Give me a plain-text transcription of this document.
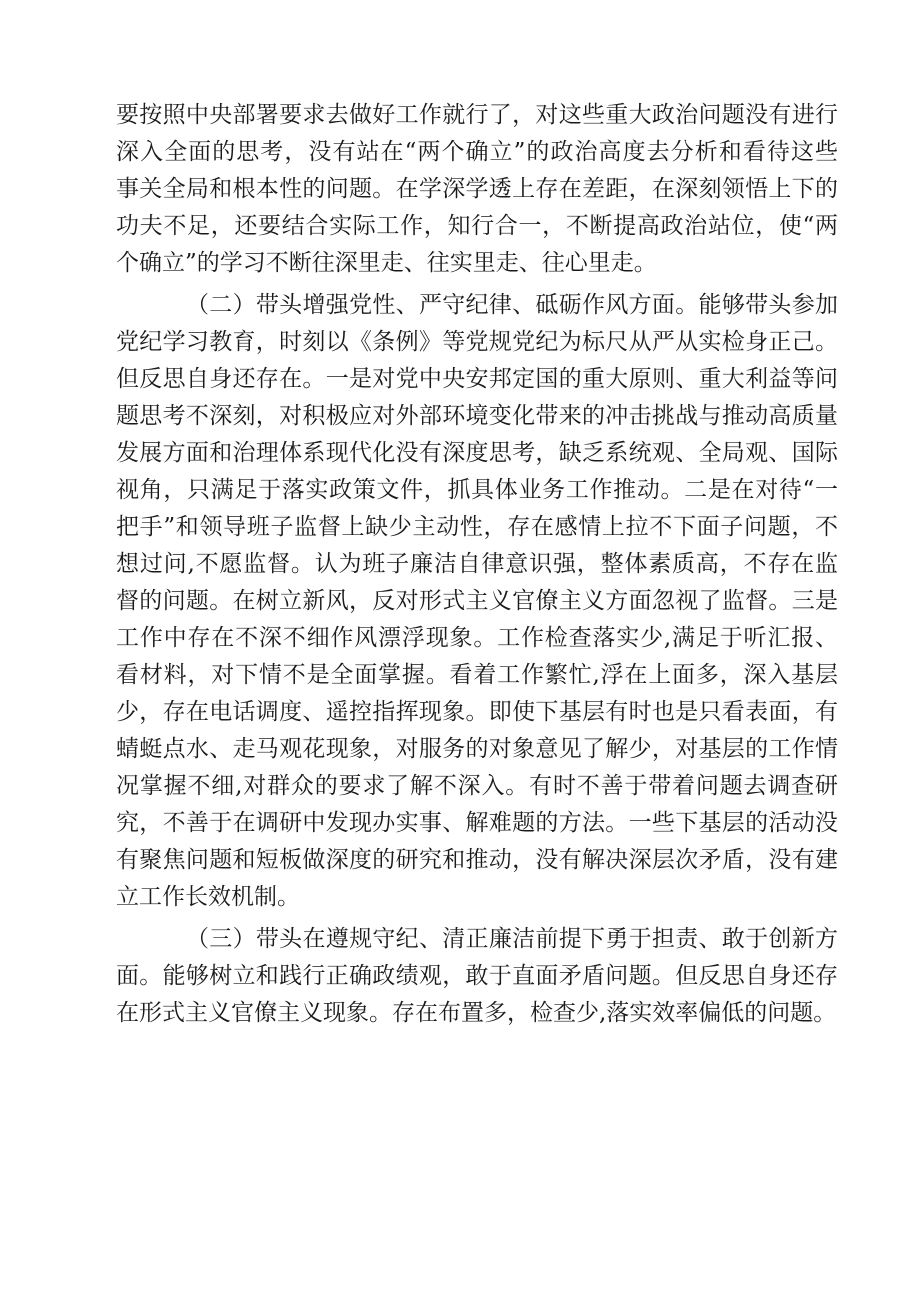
要按照中央部署要求去做好工作就行了，对这些重大政治问题没有进行
深入全面的思考，没有站在“两个确立”的政治高度去分析和看待这些
事关全局和根本性的问题。在学深学透上存在差距，在深刻领悟上下的
功夫不足，还要结合实际工作，知行合一，不断提高政治站位，使“两
个确立”的学习不断往深里走、往实里走、往心里走。
（二）带头增强党性、严守纪律、砥砺作风方面。能够带头参加
党纪学习教育，时刻以《条例》等党规党纪为标尺从严从实检身正己。
但反思自身还存在。一是对党中央安邦定国的重大原则、重大利益等问
题思考不深刻，对积极应对外部环境变化带来的冲击挑战与推动高质量
发展方面和治理体系现代化没有深度思考，缺乏系统观、全局观、国际
视角，只满足于落实政策文件，抓具体业务工作推动。二是在对待“一
把手”和领导班子监督上缺少主动性，存在感情上拉不下面子问题，不
想过问,不愿监督。认为班子廉洁自律意识强，整体素质高，不存在监
督的问题。在树立新风，反对形式主义官僚主义方面忽视了监督。三是
工作中存在不深不细作风漂浮现象。工作检查落实少,满足于听汇报、
看材料，对下情不是全面掌握。看着工作繁忙,浮在上面多，深入基层
少，存在电话调度、遥控指挥现象。即使下基层有时也是只看表面，有
蜻蜓点水、走马观花现象，对服务的对象意见了解少，对基层的工作情
况掌握不细,对群众的要求了解不深入。有时不善于带着问题去调查研
究，不善于在调研中发现办实事、解难题的方法。一些下基层的活动没
有聚焦问题和短板做深度的研究和推动，没有解决深层次矛盾，没有建
立工作长效机制。
（三）带头在遵规守纪、清正廉洁前提下勇于担责、敢于创新方
面。能够树立和践行正确政绩观，敢于直面矛盾问题。但反思自身还存
在形式主义官僚主义现象。存在布置多，检查少,落实效率偏低的问题。
